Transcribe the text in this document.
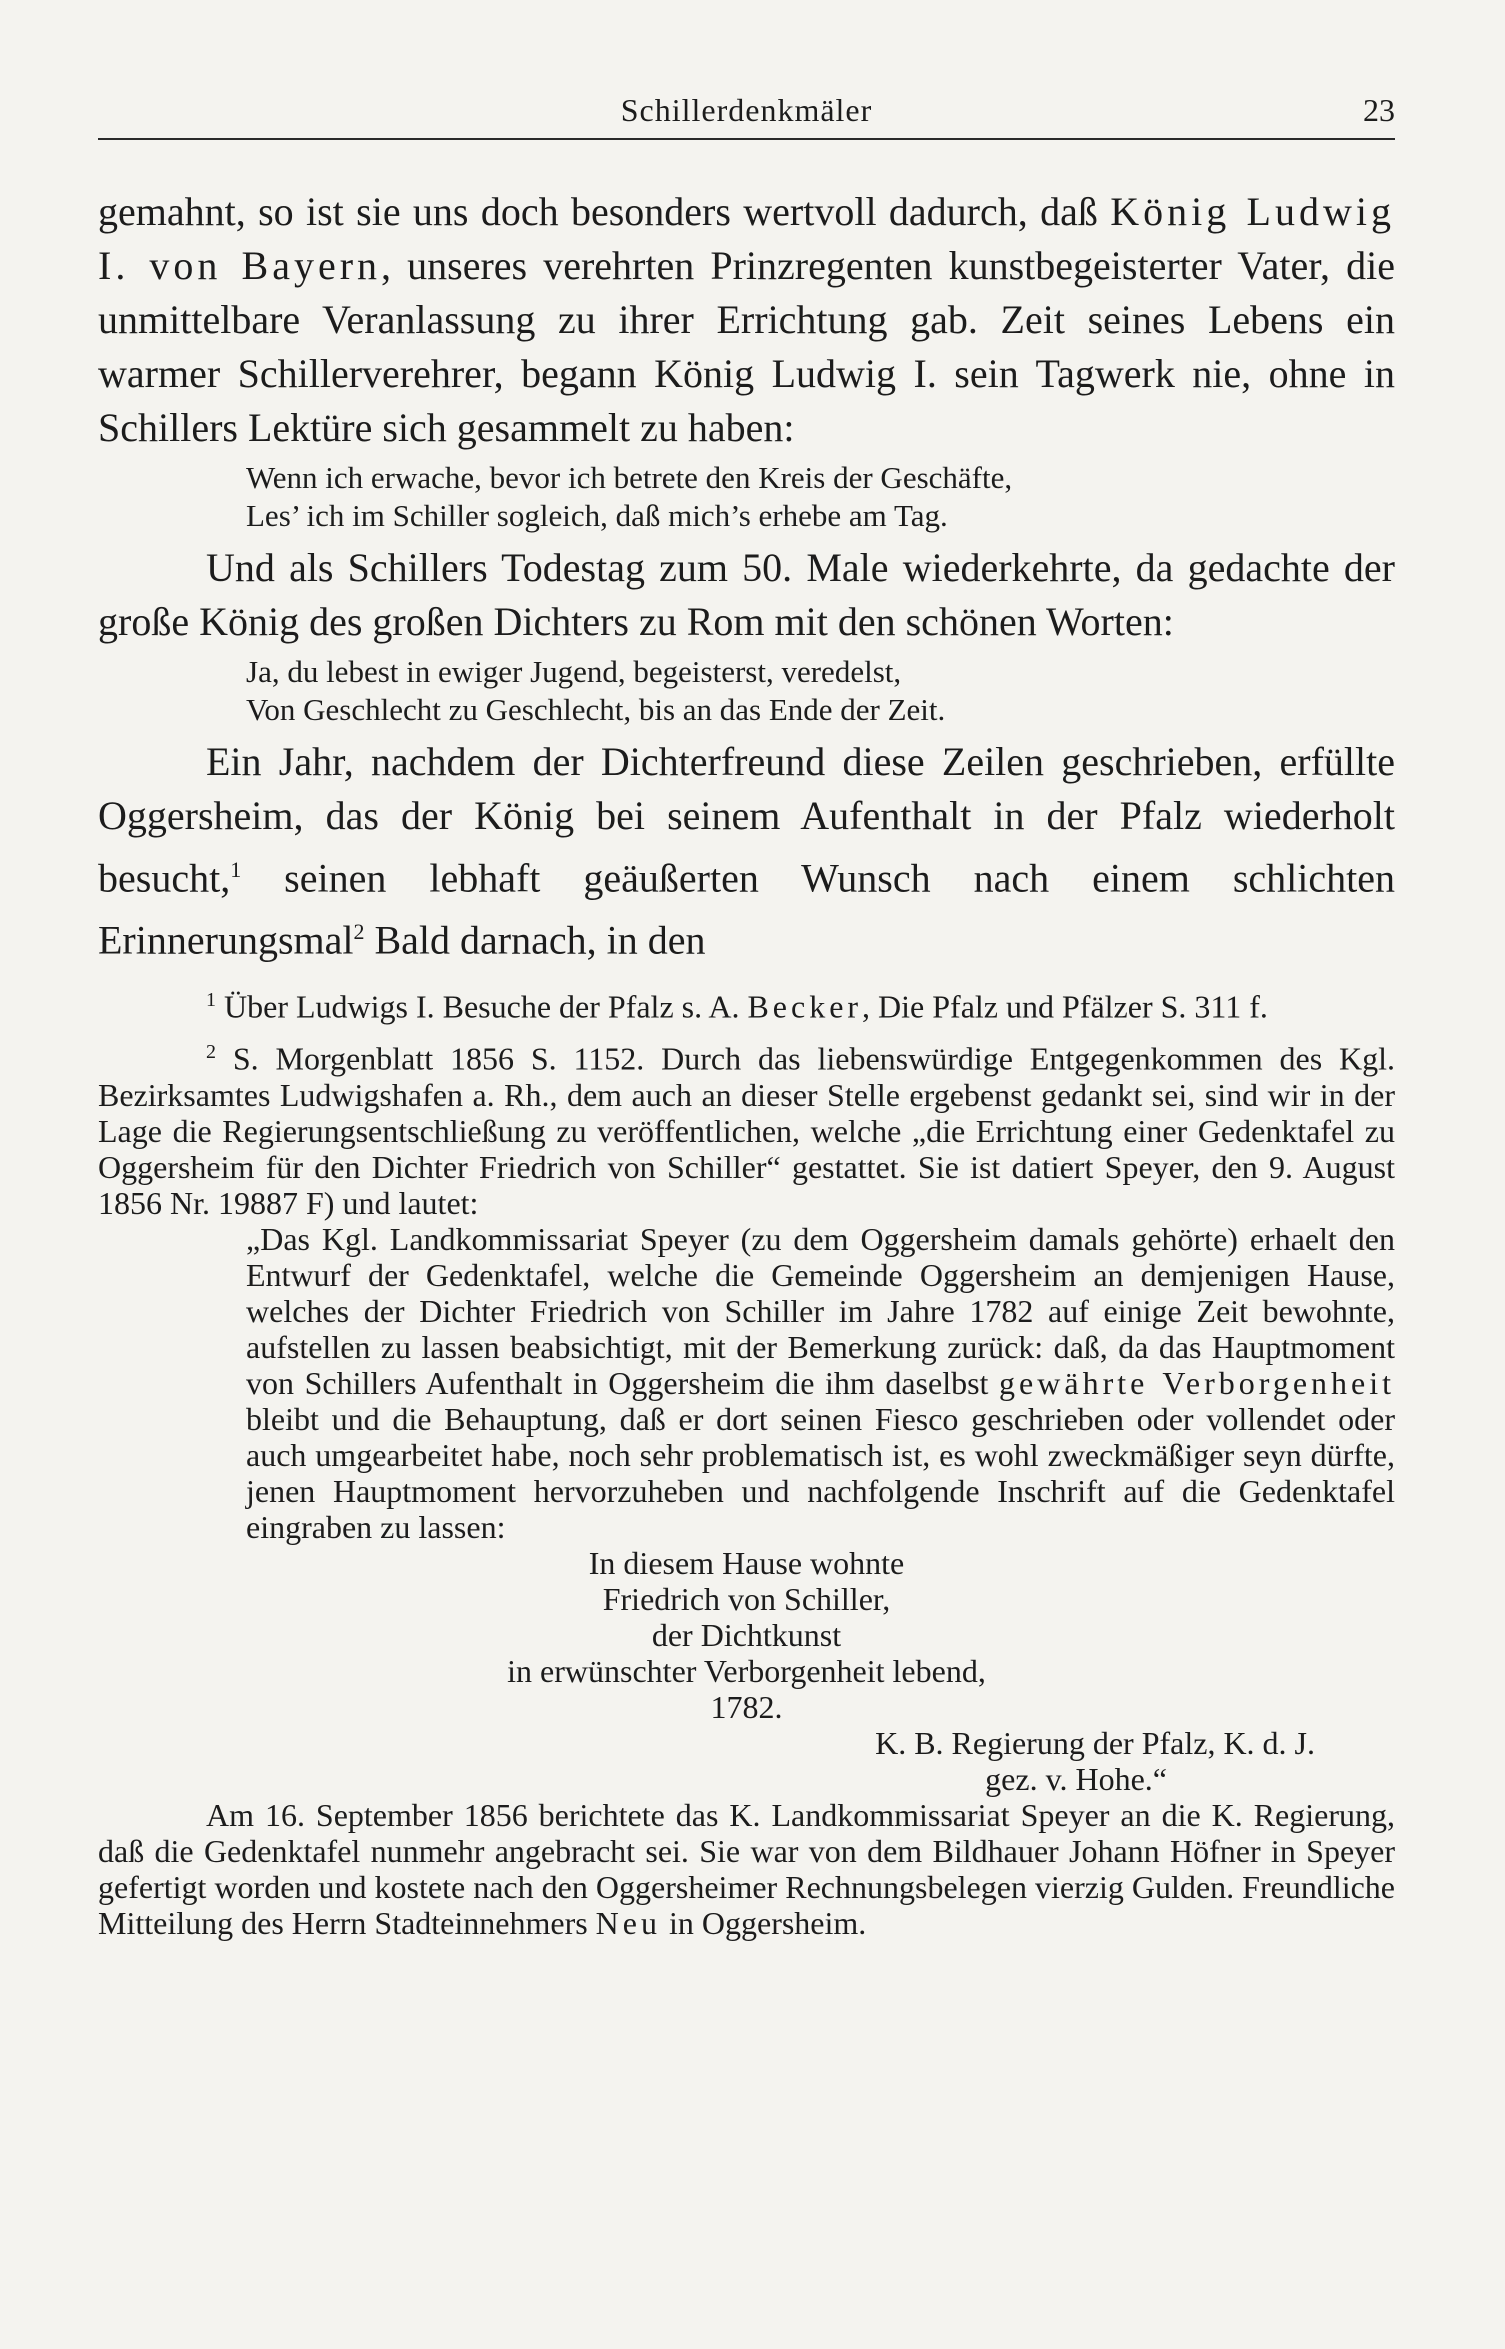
Schillerdenkmäler	23

gemahnt, so ist sie uns doch besonders wertvoll dadurch, daß König Ludwig I. von Bayern, unseres verehrten Prinzregenten kunstbegeisterter Vater, die unmittelbare Veranlassung zu ihrer Errichtung gab. Zeit seines Lebens ein warmer Schillerverehrer, begann König Ludwig I. sein Tagwerk nie, ohne in Schillers Lektüre sich gesammelt zu haben:

Wenn ich erwache, bevor ich betrete den Kreis der Geschäfte,
Les’ ich im Schiller sogleich, daß mich’s erhebe am Tag.

Und als Schillers Todestag zum 50. Male wiederkehrte, da gedachte der große König des großen Dichters zu Rom mit den schönen Worten:

Ja, du lebest in ewiger Jugend, begeisterst, veredelst,
Von Geschlecht zu Geschlecht, bis an das Ende der Zeit.

Ein Jahr, nachdem der Dichterfreund diese Zeilen geschrieben, erfüllte Oggersheim, das der König bei seinem Aufenthalt in der Pfalz wiederholt besucht,$^1$ seinen lebhaft geäußerten Wunsch nach einem schlichten Erinnerungsmal$^2$ Bald darnach, in den

$^1$ Über Ludwigs I. Besuche der Pfalz s. A. Becker, Die Pfalz und Pfälzer S. 311 f.

$^2$ S. Morgenblatt 1856 S. 1152. Durch das liebenswürdige Entgegenkommen des Kgl. Bezirksamtes Ludwigshafen a. Rh., dem auch an dieser Stelle ergebenst gedankt sei, sind wir in der Lage die Regierungsentschließung zu veröffentlichen, welche „die Errichtung einer Gedenktafel zu Oggersheim für den Dichter Friedrich von Schiller“ gestattet. Sie ist datiert Speyer, den 9. August 1856 Nr. 19887 F) und lautet:

„Das Kgl. Landkommissariat Speyer (zu dem Oggersheim damals gehörte) erhaelt den Entwurf der Gedenktafel, welche die Gemeinde Oggersheim an demjenigen Hause, welches der Dichter Friedrich von Schiller im Jahre 1782 auf einige Zeit bewohnte, aufstellen zu lassen beabsichtigt, mit der Bemerkung zurück: daß, da das Hauptmoment von Schillers Aufenthalt in Oggersheim die ihm daselbst gewährte Verborgenheit bleibt und die Behauptung, daß er dort seinen Fiesco geschrieben oder vollendet oder auch umgearbeitet habe, noch sehr problematisch ist, es wohl zweckmäßiger seyn dürfte, jenen Hauptmoment hervorzuheben und nachfolgende Inschrift auf die Gedenktafel eingraben zu lassen:
In diesem Hause wohnte
Friedrich von Schiller,
der Dichtkunst
in erwünschter Verborgenheit lebend,
1782.
K. B. Regierung der Pfalz, K. d. J.
gez. v. Hohe.“
Am 16. September 1856 berichtete das K. Landkommissariat Speyer an die K. Regierung, daß die Gedenktafel nunmehr angebracht sei. Sie war von dem Bildhauer Johann Höfner in Speyer gefertigt worden und kostete nach den Oggersheimer Rechnungsbelegen vierzig Gulden. Freundliche Mitteilung des Herrn Stadteinnehmers Neu in Oggersheim.
